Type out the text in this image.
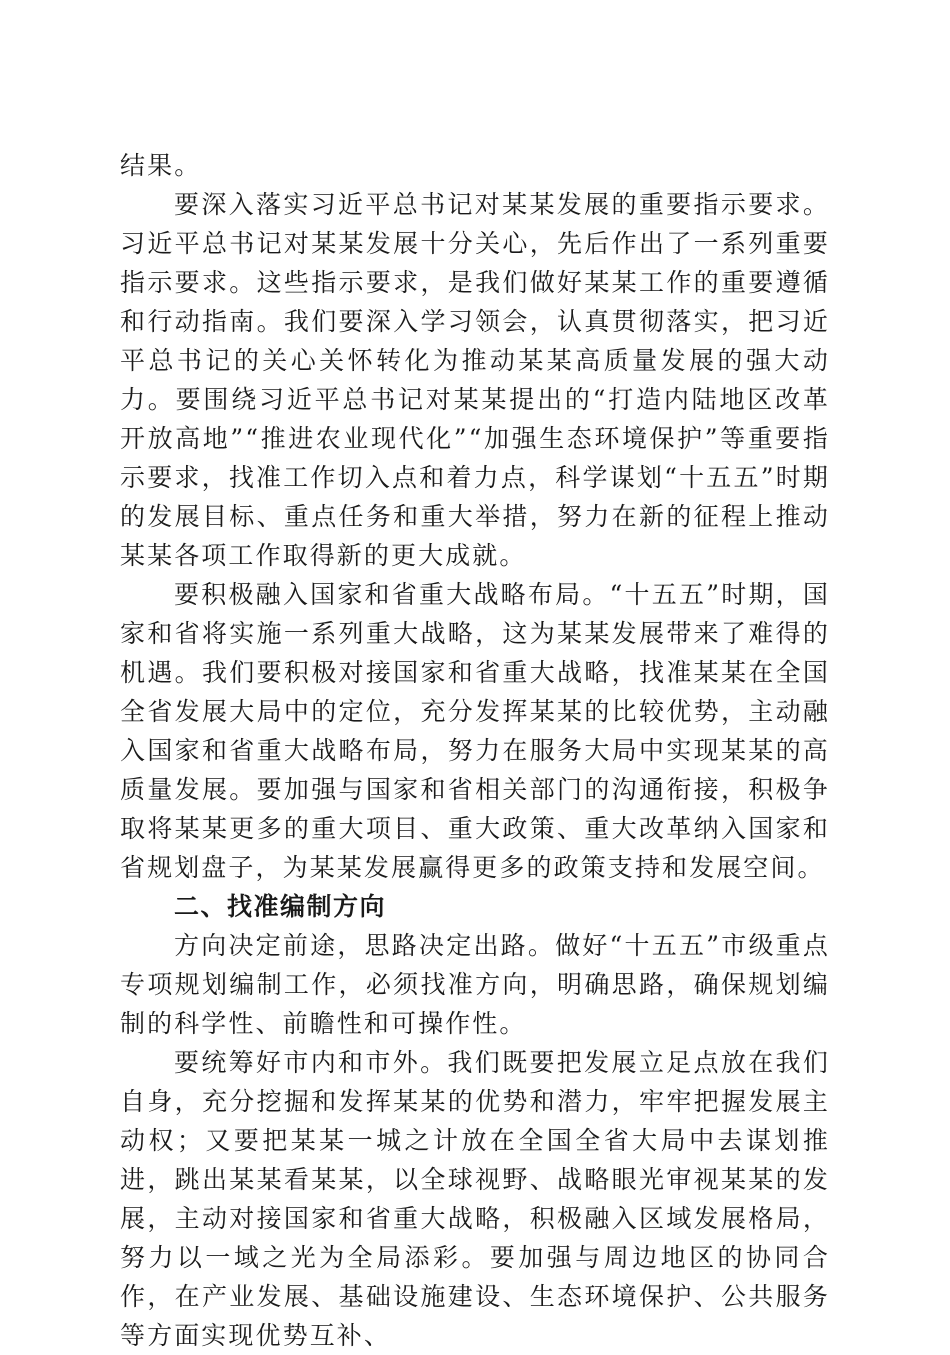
结果。

要深入落实习近平总书记对某某发展的重要指示要求。习近平总书记对某某发展十分关心，先后作出了一系列重要指示要求。这些指示要求，是我们做好某某工作的重要遵循和行动指南。我们要深入学习领会，认真贯彻落实，把习近平总书记的关心关怀转化为推动某某高质量发展的强大动力。要围绕习近平总书记对某某提出的“打造内陆地区改革开放高地”“推进农业现代化”“加强生态环境保护”等重要指示要求，找准工作切入点和着力点，科学谋划“十五五”时期的发展目标、重点任务和重大举措，努力在新的征程上推动某某各项工作取得新的更大成就。

要积极融入国家和省重大战略布局。“十五五”时期，国家和省将实施一系列重大战略，这为某某发展带来了难得的机遇。我们要积极对接国家和省重大战略，找准某某在全国全省发展大局中的定位，充分发挥某某的比较优势，主动融入国家和省重大战略布局，努力在服务大局中实现某某的高质量发展。要加强与国家和省相关部门的沟通衔接，积极争取将某某更多的重大项目、重大政策、重大改革纳入国家和省规划盘子，为某某发展赢得更多的政策支持和发展空间。

二、找准编制方向

方向决定前途，思路决定出路。做好“十五五”市级重点专项规划编制工作，必须找准方向，明确思路，确保规划编制的科学性、前瞻性和可操作性。

要统筹好市内和市外。我们既要把发展立足点放在我们自身，充分挖掘和发挥某某的优势和潜力，牢牢把握发展主动权；又要把某某一城之计放在全国全省大局中去谋划推进，跳出某某看某某，以全球视野、战略眼光审视某某的发展，主动对接国家和省重大战略，积极融入区域发展格局，努力以一域之光为全局添彩。要加强与周边地区的协同合作，在产业发展、基础设施建设、生态环境保护、公共服务等方面实现优势互补、
